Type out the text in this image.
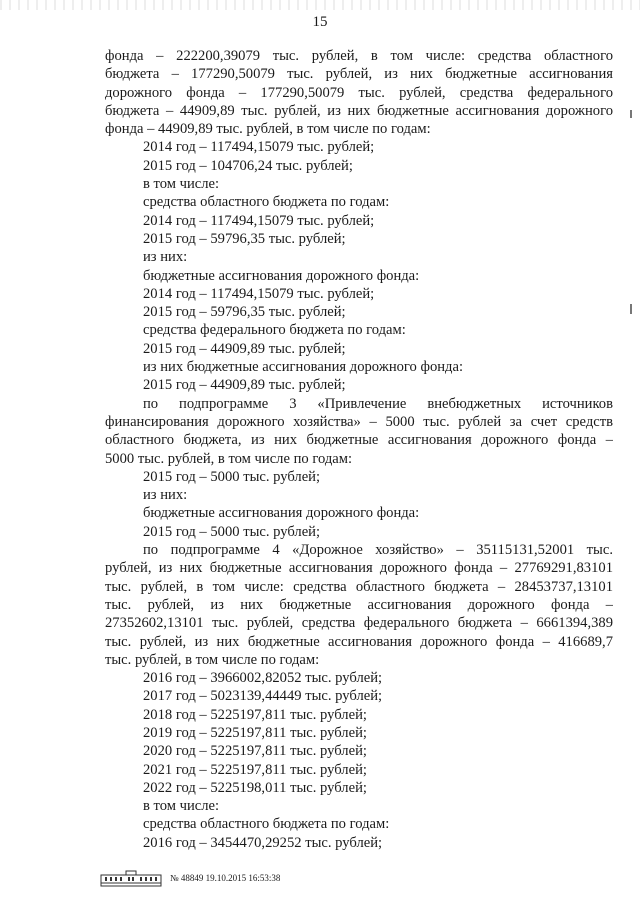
15
фонда – 222200,39079 тыс. рублей, в том числе: средства областного
бюджета – 177290,50079 тыс. рублей, из них бюджетные ассигнования
дорожного фонда – 177290,50079 тыс. рублей, средства федерального
бюджета – 44909,89 тыс. рублей, из них бюджетные ассигнования дорожного
фонда – 44909,89 тыс. рублей, в том числе по годам:
2014 год – 117494,15079 тыс. рублей;
2015 год – 104706,24 тыс. рублей;
в том числе:
средства областного бюджета по годам:
2014 год – 117494,15079 тыс. рублей;
2015 год – 59796,35 тыс. рублей;
из них:
бюджетные ассигнования дорожного фонда:
2014 год – 117494,15079 тыс. рублей;
2015 год – 59796,35 тыс. рублей;
средства федерального бюджета по годам:
2015 год – 44909,89 тыс. рублей;
из них бюджетные ассигнования дорожного фонда:
2015 год – 44909,89 тыс. рублей;
по подпрограмме 3 «Привлечение внебюджетных источников
финансирования дорожного хозяйства» – 5000 тыс. рублей за счет средств
областного бюджета, из них бюджетные ассигнования дорожного фонда –
5000 тыс. рублей, в том числе по годам:
2015 год – 5000 тыс. рублей;
из них:
бюджетные ассигнования дорожного фонда:
2015 год – 5000 тыс. рублей;
по подпрограмме 4 «Дорожное хозяйство» – 35115131,52001 тыс.
рублей, из них бюджетные ассигнования дорожного фонда – 27769291,83101
тыс. рублей, в том числе: средства областного бюджета – 28453737,13101
тыс. рублей, из них бюджетные ассигнования дорожного фонда –
27352602,13101 тыс. рублей, средства федерального бюджета – 6661394,389
тыс. рублей, из них бюджетные ассигнования дорожного фонда – 416689,7
тыс. рублей, в том числе по годам:
2016 год – 3966002,82052 тыс. рублей;
2017 год – 5023139,44449 тыс. рублей;
2018 год – 5225197,811 тыс. рублей;
2019 год – 5225197,811 тыс. рублей;
2020 год – 5225197,811 тыс. рублей;
2021 год – 5225197,811 тыс. рублей;
2022 год – 5225198,011 тыс. рублей;
в том числе:
средства областного бюджета по годам:
2016 год – 3454470,29252 тыс. рублей;
№ 48849 19.10.2015 16:53:38
